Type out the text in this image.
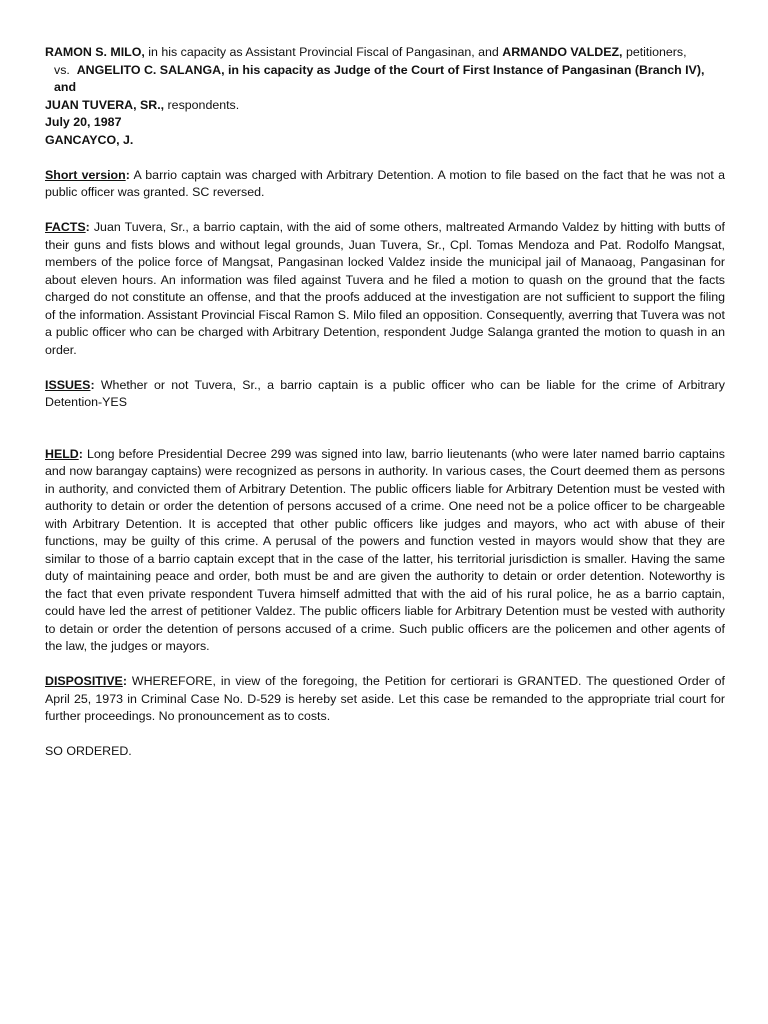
RAMON S. MILO, in his capacity as Assistant Provincial Fiscal of Pangasinan, and ARMANDO VALDEZ, petitioners,

vs. ANGELITO C. SALANGA, in his capacity as Judge of the Court of First Instance of Pangasinan (Branch IV), and

JUAN TUVERA, SR., respondents.

July 20, 1987

GANCAYCO, J.

Short version: A barrio captain was charged with Arbitrary Detention. A motion to file based on the fact that he was not a public officer was granted. SC reversed.

FACTS: Juan Tuvera, Sr., a barrio captain, with the aid of some others, maltreated Armando Valdez by hitting with butts of their guns and fists blows and without legal grounds, Juan Tuvera, Sr., Cpl. Tomas Mendoza and Pat. Rodolfo Mangsat, members of the police force of Mangsat, Pangasinan locked Valdez inside the municipal jail of Manaoag, Pangasinan for about eleven hours. An information was filed against Tuvera and he filed a motion to quash on the ground that the facts charged do not constitute an offense, and that the proofs adduced at the investigation are not sufficient to support the filing of the information. Assistant Provincial Fiscal Ramon S. Milo filed an opposition. Consequently, averring that Tuvera was not a public officer who can be charged with Arbitrary Detention, respondent Judge Salanga granted the motion to quash in an order.

ISSUES: Whether or not Tuvera, Sr., a barrio captain is a public officer who can be liable for the crime of Arbitrary Detention-YES

HELD: Long before Presidential Decree 299 was signed into law, barrio lieutenants (who were later named barrio captains and now barangay captains) were recognized as persons in authority. In various cases, the Court deemed them as persons in authority, and convicted them of Arbitrary Detention. The public officers liable for Arbitrary Detention must be vested with authority to detain or order the detention of persons accused of a crime. One need not be a police officer to be chargeable with Arbitrary Detention. It is accepted that other public officers like judges and mayors, who act with abuse of their functions, may be guilty of this crime. A perusal of the powers and function vested in mayors would show that they are similar to those of a barrio captain except that in the case of the latter, his territorial jurisdiction is smaller. Having the same duty of maintaining peace and order, both must be and are given the authority to detain or order detention. Noteworthy is the fact that even private respondent Tuvera himself admitted that with the aid of his rural police, he as a barrio captain, could have led the arrest of petitioner Valdez. The public officers liable for Arbitrary Detention must be vested with authority to detain or order the detention of persons accused of a crime. Such public officers are the policemen and other agents of the law, the judges or mayors.

DISPOSITIVE: WHEREFORE, in view of the foregoing, the Petition for certiorari is GRANTED. The questioned Order of April 25, 1973 in Criminal Case No. D-529 is hereby set aside. Let this case be remanded to the appropriate trial court for further proceedings. No pronouncement as to costs.

SO ORDERED.
